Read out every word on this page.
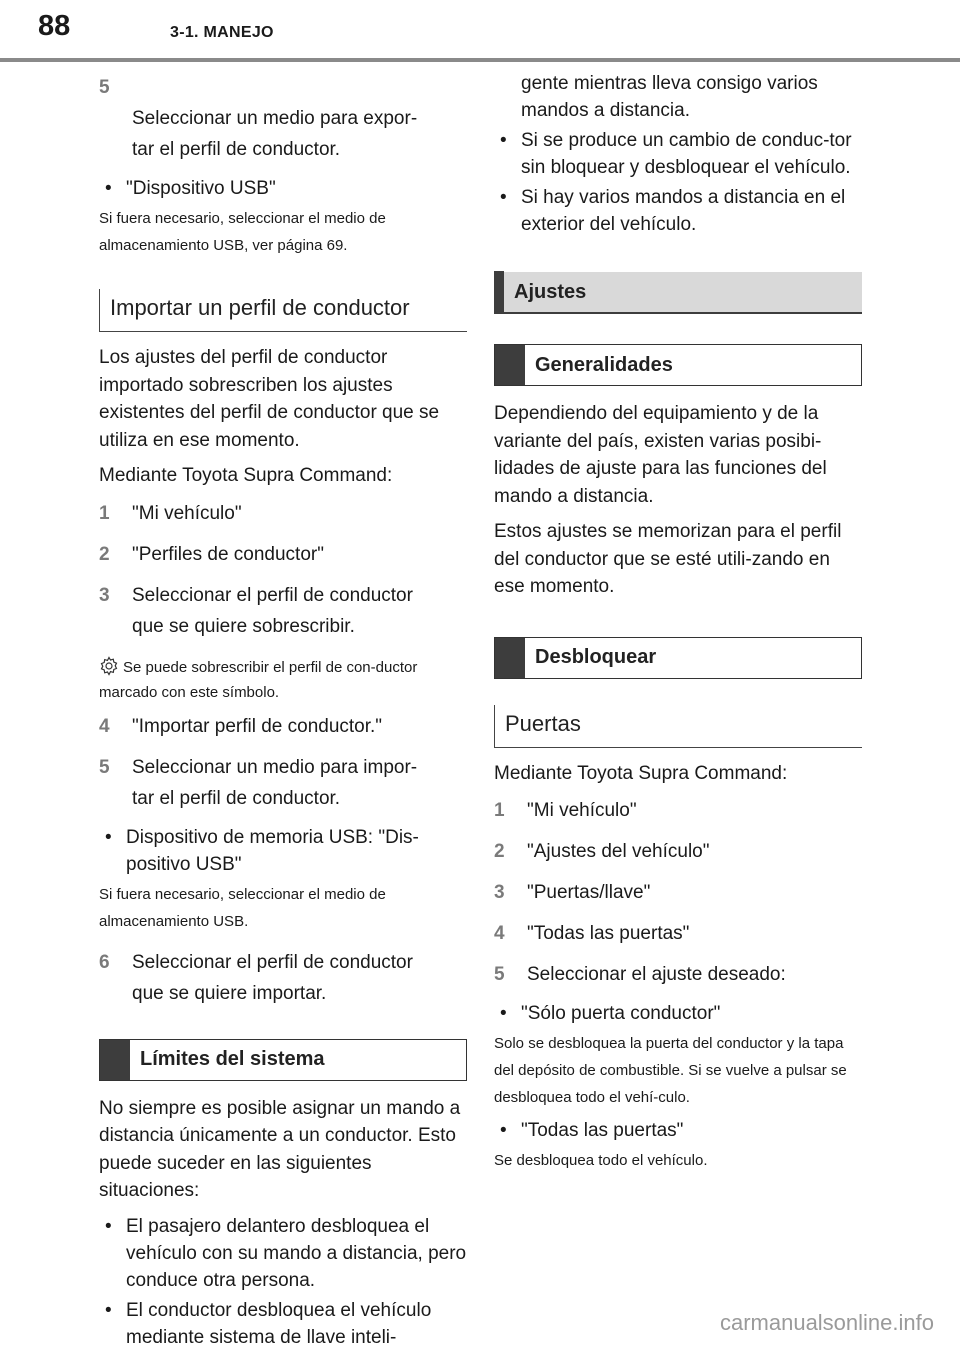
88	3-1. MANEJO

5
Seleccionar un medio para expor-
tar el perfil de conductor.

• "Dispositivo USB"
Si fuera necesario, seleccionar el medio de almacenamiento USB, ver página 69.
Importar un perfil de conductor
Los ajustes del perfil de conductor importado sobrescriben los ajustes existentes del perfil de conductor que se utiliza en ese momento.
Mediante Toyota Supra Command:
1 "Mi vehículo"
2 "Perfiles de conductor"
3 Seleccionar el perfil de conductor
que se quiere sobrescribir.
Se puede sobrescribir el perfil de con-ductor marcado con este símbolo.
4 "Importar perfil de conductor."
5 Seleccionar un medio para impor-
tar el perfil de conductor.
• Dispositivo de memoria USB: "Dis-positivo USB"
Si fuera necesario, seleccionar el medio de almacenamiento USB.
6 Seleccionar el perfil de conductor
que se quiere importar.
Límites del sistema
No siempre es posible asignar un mando a distancia únicamente a un conductor. Esto puede suceder en las siguientes situaciones:
• El pasajero delantero desbloquea el vehículo con su mando a distancia, pero conduce otra persona.
• El conductor desbloquea el vehículo mediante sistema de llave inteli-
gente mientras lleva consigo varios mandos a distancia.
• Si se produce un cambio de conduc-tor sin bloquear y desbloquear el vehículo.
• Si hay varios mandos a distancia en el exterior del vehículo.
Ajustes
Generalidades
Dependiendo del equipamiento y de la variante del país, existen varias posibi-lidades de ajuste para las funciones del mando a distancia.
Estos ajustes se memorizan para el perfil del conductor que se esté utili-zando en ese momento.
Desbloquear
Puertas
Mediante Toyota Supra Command:
1 "Mi vehículo"
2 "Ajustes del vehículo"
3 "Puertas/llave"
4 "Todas las puertas"
5 Seleccionar el ajuste deseado:
• "Sólo puerta conductor"
Solo se desbloquea la puerta del conductor y la tapa del depósito de combustible. Si se vuelve a pulsar se desbloquea todo el vehí-culo.
• "Todas las puertas"
Se desbloquea todo el vehículo.
carmanualsonline.info
